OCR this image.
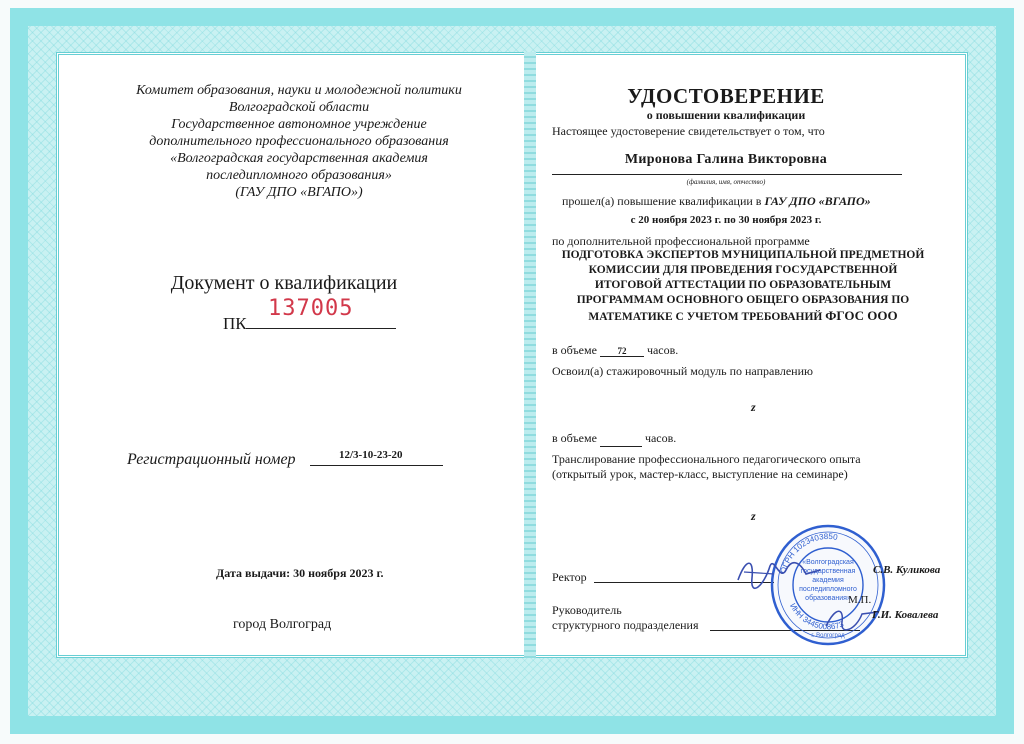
Комитет образования, науки и молодежной политики
Волгоградской области
Государственное автономное учреждение
дополнительного профессионального образования
«Волгоградская государственная академия
последипломного образования»
(ГАУ ДПО «ВГАПО»)
Документ о квалификации
ПК
137005
Регистрационный номер	12/3-10-23-20
Дата выдачи: 30 ноября 2023 г.
город Волгоград
УДОСТОВЕРЕНИЕ
о повышении квалификации
Настоящее удостоверение свидетельствует о том, что
Миронова Галина Викторовна
(фамилия, имя, отчество)
прошел(а) повышение квалификации в ГАУ ДПО «ВГАПО»
с 20 ноября 2023 г. по 30 ноября 2023 г.
по дополнительной профессиональной программе
ПОДГОТОВКА ЭКСПЕРТОВ МУНИЦИПАЛЬНОЙ ПРЕДМЕТНОЙ
КОМИССИИ ДЛЯ ПРОВЕДЕНИЯ ГОСУДАРСТВЕННОЙ
ИТОГОВОЙ АТТЕСТАЦИИ ПО ОБРАЗОВАТЕЛЬНЫМ
ПРОГРАММАМ ОСНОВНОГО ОБЩЕГО ОБРАЗОВАНИЯ ПО
МАТЕМАТИКЕ С УЧЕТОМ ТРЕБОВАНИЙ ФГОС ООО
в объеме 72 часов.
Освоил(а) стажировочный модуль по направлению
z
в объеме	часов.
Транслирование профессионального педагогического опыта
(открытый урок, мастер-класс, выступление на семинаре)
z
Ректор
Руководитель
структурного подразделения
ОГРН 1023403850
ИНН 3445008673
«Волгоградская
государственная
академия
последипломного
образования»
г. Волгоград
С.В. Куликова
М.П.
Г.И. Ковалева
